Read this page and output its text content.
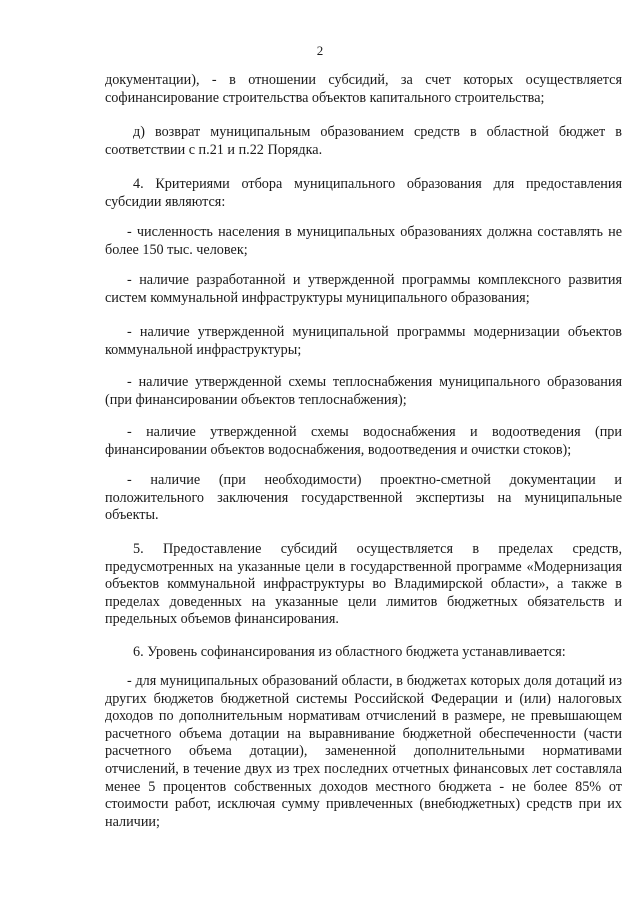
2

документации), - в отношении субсидий, за счет которых осуществляется софинансирование строительства объектов капитального строительства;

д) возврат муниципальным образованием средств в областной бюджет в соответствии с п.21 и п.22 Порядка.

4. Критериями отбора муниципального образования для предоставления субсидии являются:

- численность населения в муниципальных образованиях должна составлять не более 150 тыс. человек;

- наличие разработанной и утвержденной программы комплексного развития систем коммунальной инфраструктуры муниципального образования;

- наличие утвержденной муниципальной программы модернизации объектов коммунальной инфраструктуры;

- наличие утвержденной схемы теплоснабжения муниципального образования (при финансировании объектов теплоснабжения);

- наличие утвержденной схемы водоснабжения и водоотведения (при финансировании объектов водоснабжения, водоотведения и очистки стоков);

- наличие (при необходимости) проектно-сметной документации и положительного заключения государственной экспертизы на муниципальные объекты.

5. Предоставление субсидий осуществляется в пределах средств, предусмотренных на указанные цели в государственной программе «Модернизация объектов коммунальной инфраструктуры во Владимирской области», а также в пределах доведенных на указанные цели лимитов бюджетных обязательств и предельных объемов финансирования.

6. Уровень софинансирования из областного бюджета устанавливается:

- для муниципальных образований области, в бюджетах которых доля дотаций из других бюджетов бюджетной системы Российской Федерации и (или) налоговых доходов по дополнительным нормативам отчислений в размере, не превышающем расчетного объема дотации на выравнивание бюджетной обеспеченности (части расчетного объема дотации), замененной дополнительными нормативами отчислений, в течение двух из трех последних отчетных финансовых лет составляла менее 5 процентов собственных доходов местного бюджета - не более 85% от стоимости работ, исключая сумму привлеченных (внебюджетных) средств при их наличии;
